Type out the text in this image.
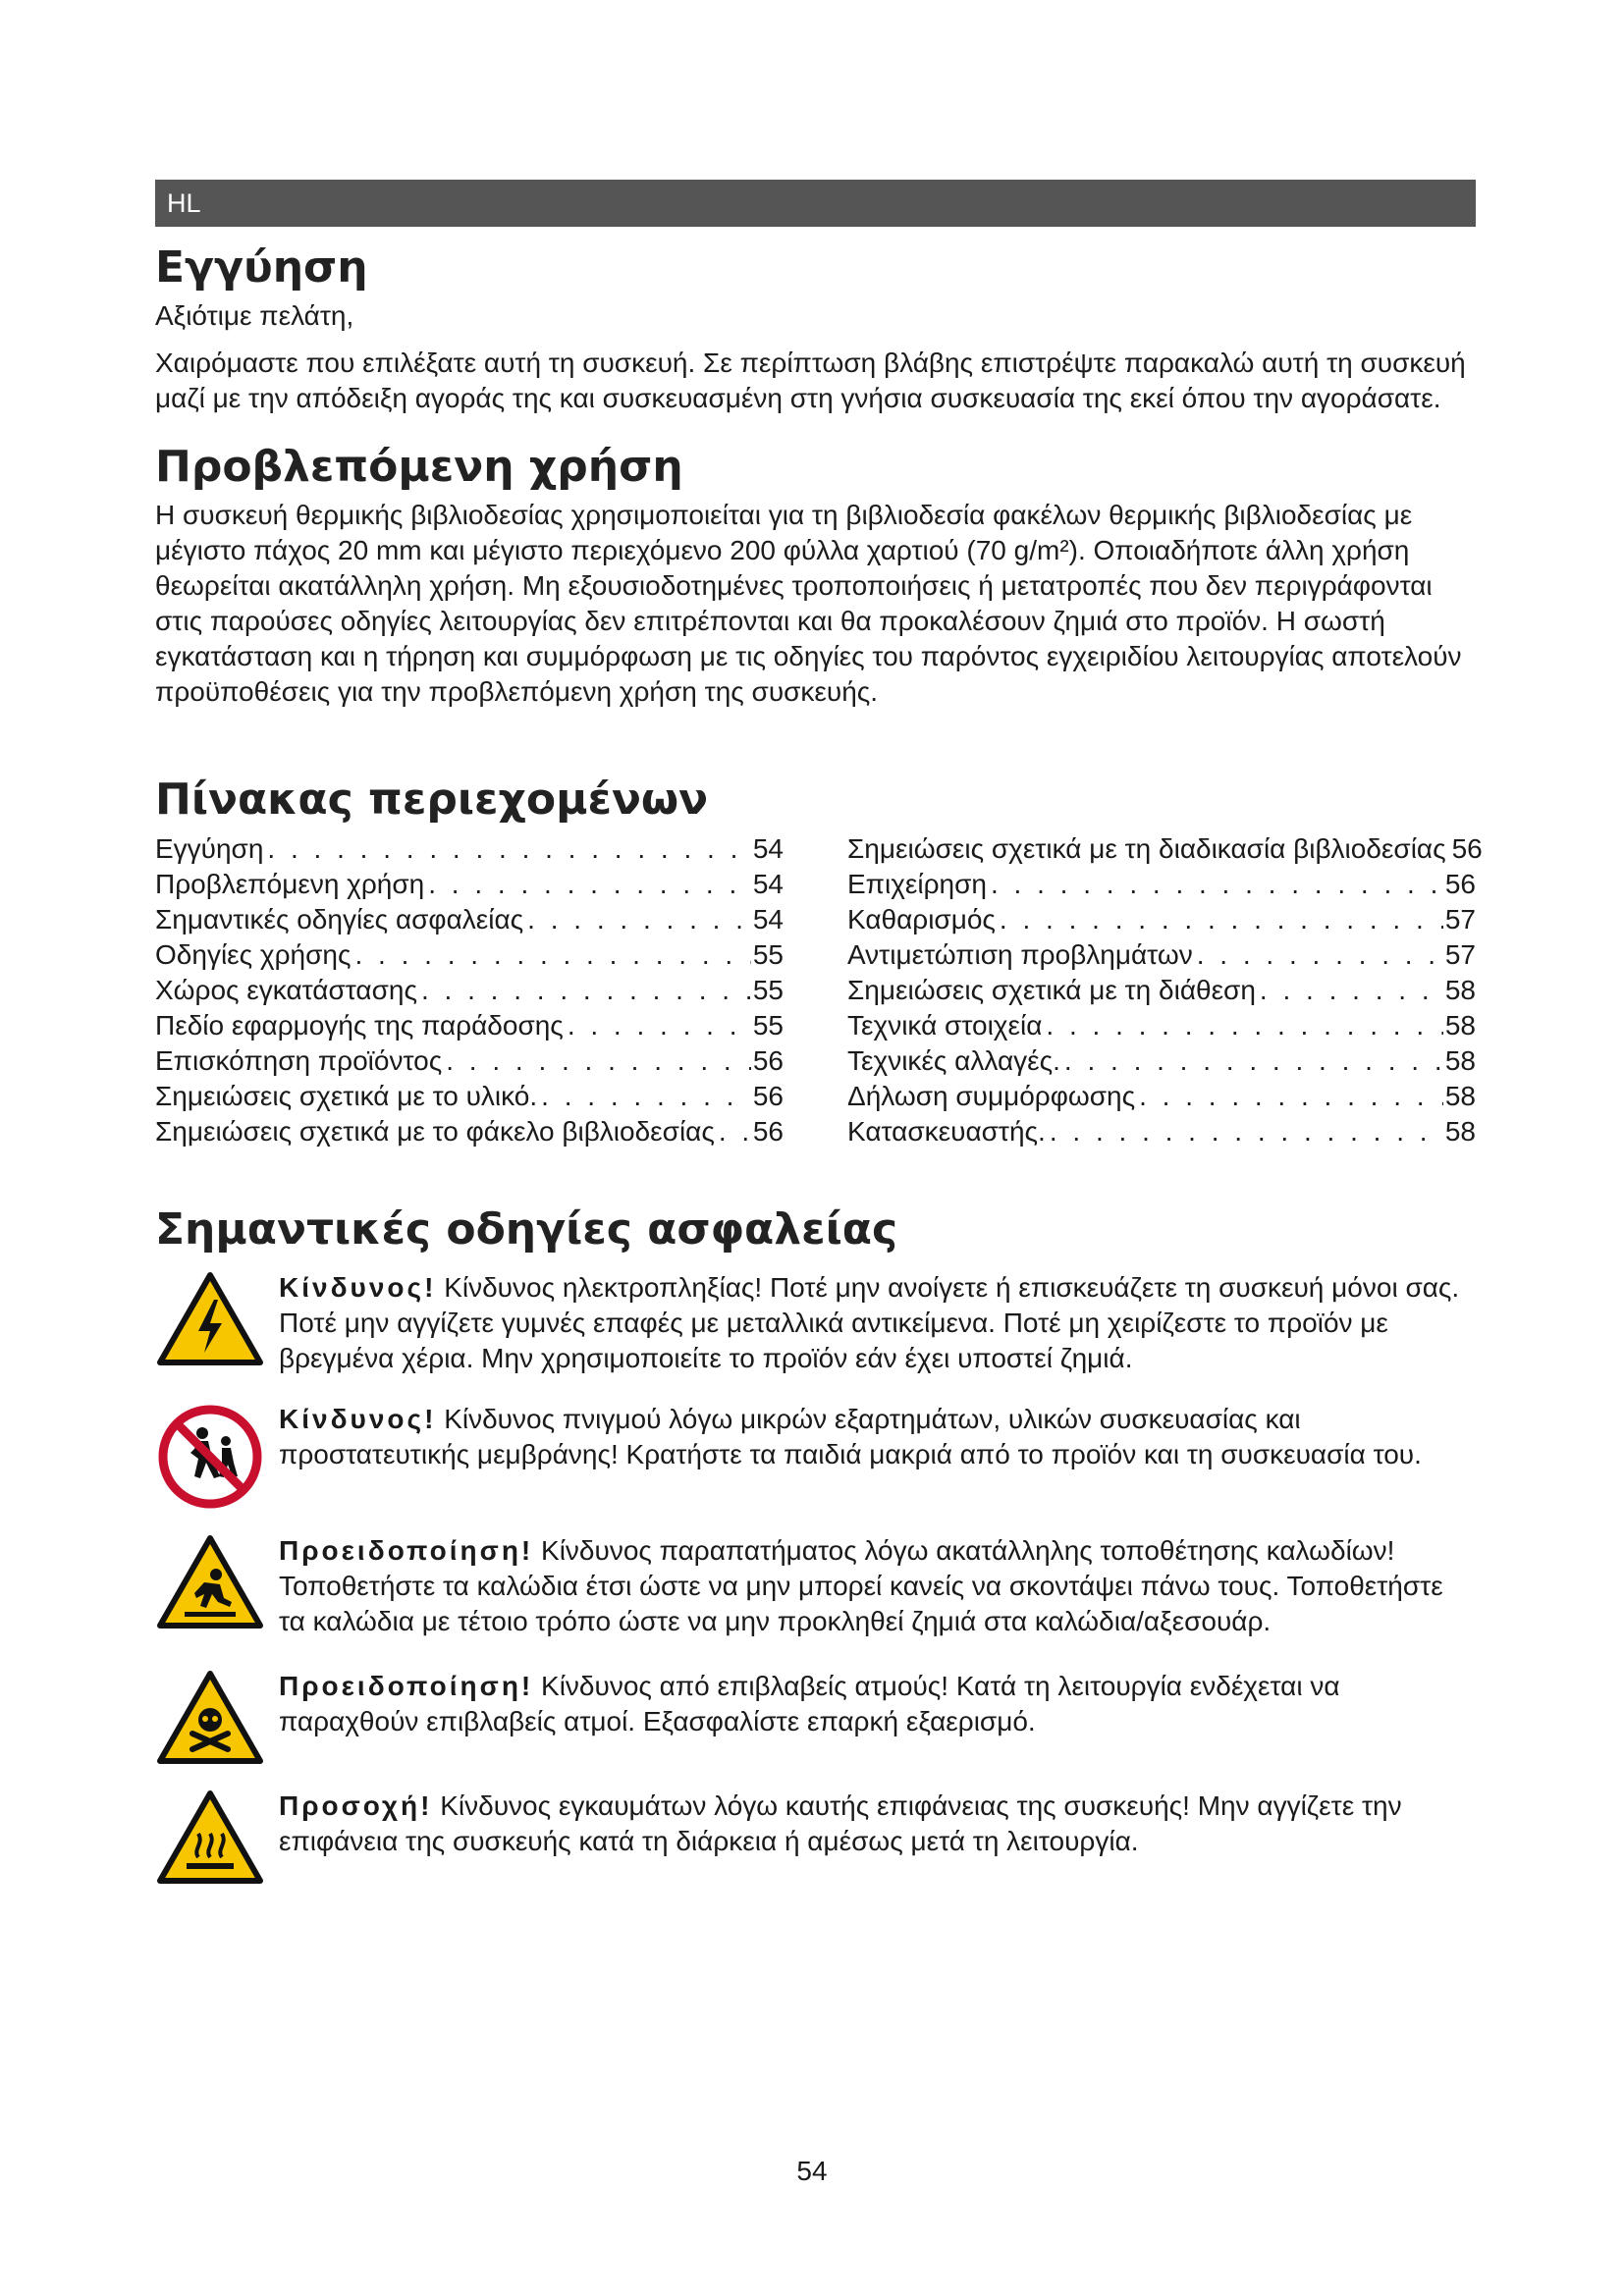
HL
Εγγύηση

Αξιότιμε πελάτη,

Χαιρόμαστε που επιλέξατε αυτή τη συσκευή. Σε περίπτωση βλάβης επιστρέψτε παρακαλώ αυτή τη συσκευή μαζί με την απόδειξη αγοράς της και συσκευασμένη στη γνήσια συσκευασία της εκεί όπου την αγοράσατε.

Προβλεπόμενη χρήση

Η συσκευή θερμικής βιβλιοδεσίας χρησιμοποιείται για τη βιβλιοδεσία φακέλων θερμικής βιβλιοδεσίας με μέγιστο πάχος 20 mm και μέγιστο περιεχόμενο 200 φύλλα χαρτιού (70 g/m²). Οποιαδήποτε άλλη χρήση θεωρείται ακατάλληλη χρήση. Μη εξουσιοδοτημένες τροποποιήσεις ή μετατροπές που δεν περιγράφονται στις παρούσες οδηγίες λειτουργίας δεν επιτρέπονται και θα προκαλέσουν ζημιά στο προϊόν. Η σωστή εγκατάσταση και η τήρηση και συμμόρφωση με τις οδηγίες του παρόντος εγχειριδίου λειτουργίας αποτελούν προϋποθέσεις για την προβλεπόμενη χρήση της συσκευής.

Πίνακας περιεχομένων
Εγγύηση . . .	54
Προβλεπόμενη χρήση . . .	54
Σημαντικές οδηγίες ασφαλείας . . .	54
Οδηγίες χρήσης . . .	55
Χώρος εγκατάστασης . . .	55
Πεδίο εφαρμογής της παράδοσης . . .	55
Επισκόπηση προϊόντος . . .	56
Σημειώσεις σχετικά με το υλικό. . . .	56
Σημειώσεις σχετικά με το φάκελο βιβλιοδεσίας . . . 56
Σημειώσεις σχετικά με τη διαδικασία βιβλιοδεσίας . . . 56
Επιχείρηση . . .	56
Καθαρισμός . . .	57
Αντιμετώπιση προβλημάτων . . .	57
Σημειώσεις σχετικά με τη διάθεση . . .	58
Τεχνικά στοιχεία . . .	58
Τεχνικές αλλαγές. . . .	58
Δήλωση συμμόρφωσης . . .	58
Κατασκευαστής. . . .	58
Σημαντικές οδηγίες ασφαλείας
Κίνδυνος! Κίνδυνος ηλεκτροπληξίας! Ποτέ μην ανοίγετε ή επισκευάζετε τη συσκευή μόνοι σας. Ποτέ μην αγγίζετε γυμνές επαφές με μεταλλικά αντικείμενα. Ποτέ μη χειρίζεστε το προϊόν με βρεγμένα χέρια. Μην χρησιμοποιείτε το προϊόν εάν έχει υποστεί ζημιά.
Κίνδυνος! Κίνδυνος πνιγμού λόγω μικρών εξαρτημάτων, υλικών συσκευασίας και προστατευτικής μεμβράνης! Κρατήστε τα παιδιά μακριά από το προϊόν και τη συσκευασία του.
Προειδοποίηση! Κίνδυνος παραπατήματος λόγω ακατάλληλης τοποθέτησης καλωδίων! Τοποθετήστε τα καλώδια έτσι ώστε να μην μπορεί κανείς να σκοντάψει πάνω τους. Τοποθετήστε τα καλώδια με τέτοιο τρόπο ώστε να μην προκληθεί ζημιά στα καλώδια/αξεσουάρ.
Προειδοποίηση! Κίνδυνος από επιβλαβείς ατμούς! Κατά τη λειτουργία ενδέχεται να παραχθούν επιβλαβείς ατμοί. Εξασφαλίστε επαρκή εξαερισμό.
Προσοχή! Κίνδυνος εγκαυμάτων λόγω καυτής επιφάνειας της συσκευής! Μην αγγίζετε την επιφάνεια της συσκευής κατά τη διάρκεια ή αμέσως μετά τη λειτουργία.
54
